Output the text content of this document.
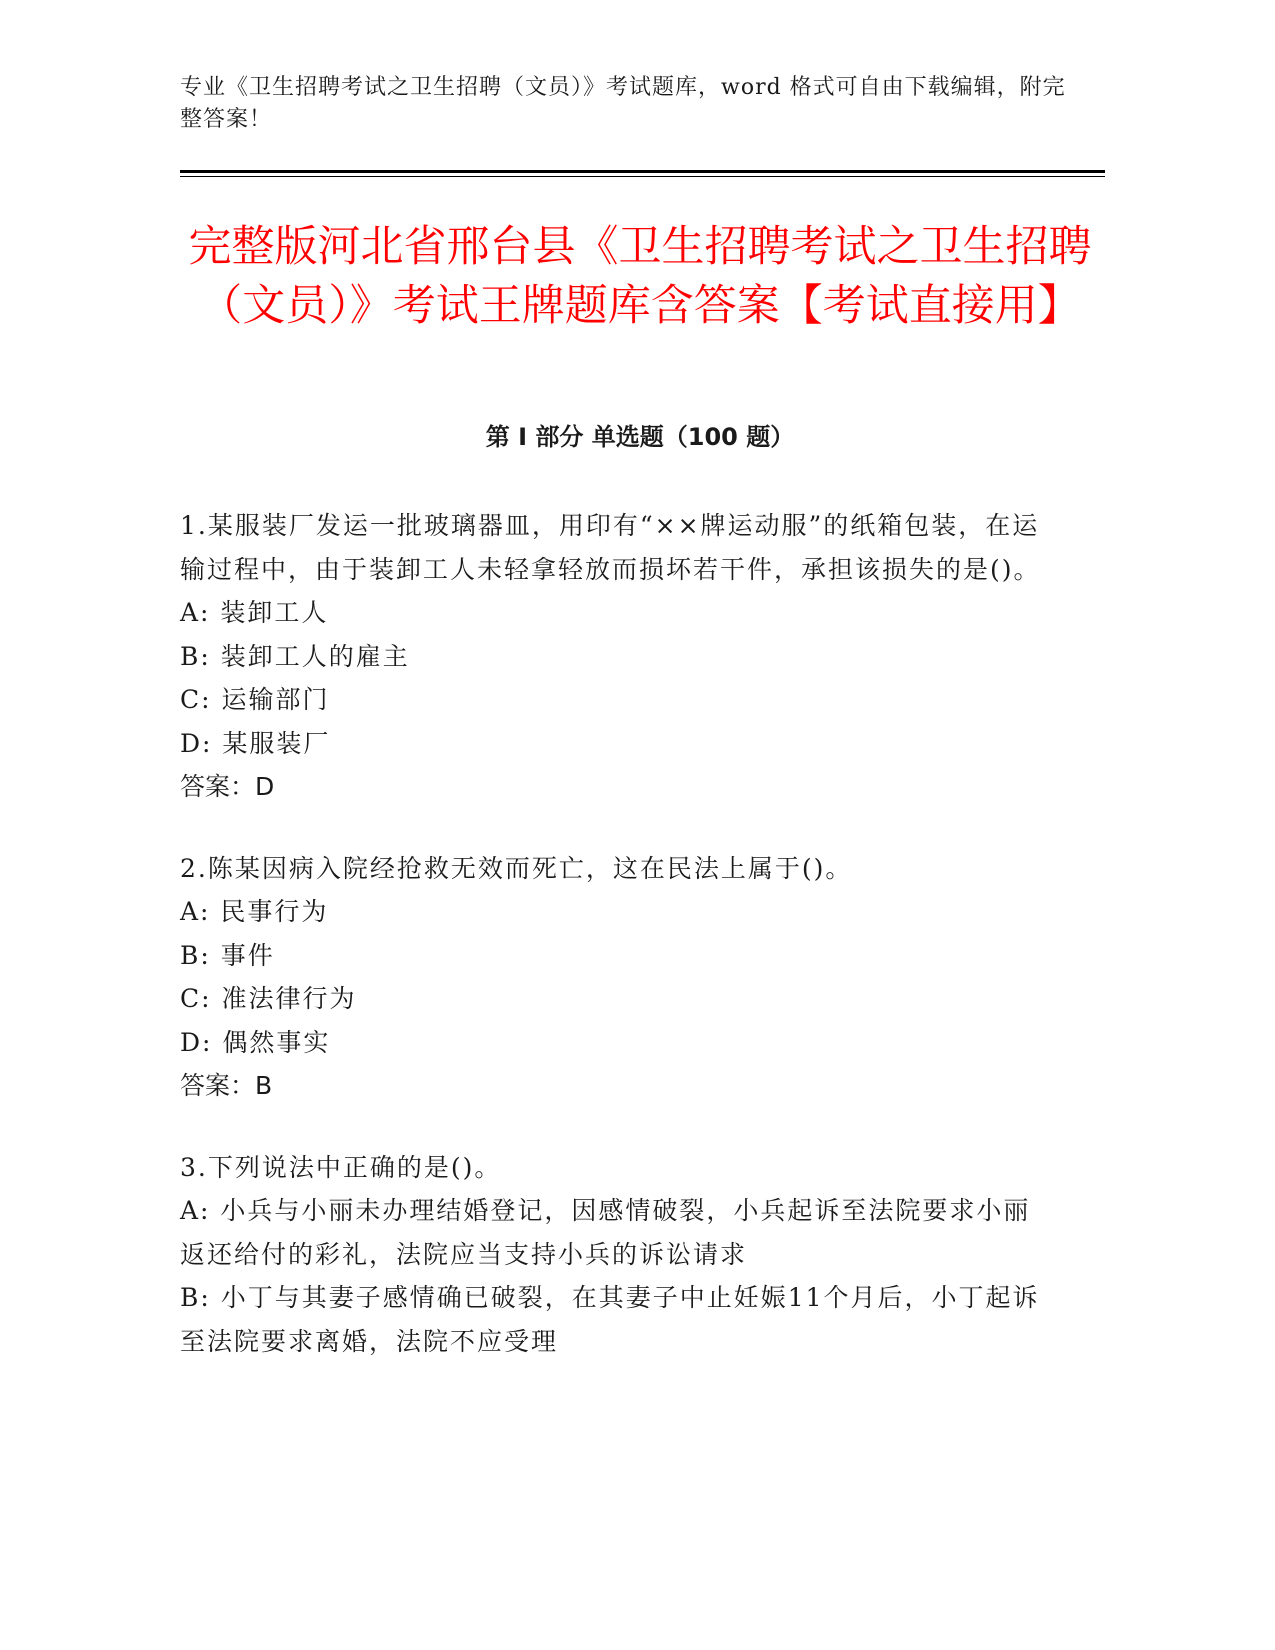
专业《卫生招聘考试之卫生招聘（文员）》考试题库，word 格式可自由下载编辑，附完整答案！
完整版河北省邢台县《卫生招聘考试之卫生招聘（文员）》考试王牌题库含答案【考试直接用】
第 I 部分 单选题（100 题）
1.某服装厂发运一批玻璃器皿，用印有“××牌运动服”的纸箱包装，在运输过程中，由于装卸工人未轻拿轻放而损坏若干件，承担该损失的是()。
A: 装卸工人
B: 装卸工人的雇主
C: 运输部门
D: 某服装厂
答案：D
2.陈某因病入院经抢救无效而死亡，这在民法上属于()。
A: 民事行为
B: 事件
C: 准法律行为
D: 偶然事实
答案：B
3.下列说法中正确的是()。
A: 小兵与小丽未办理结婚登记，因感情破裂，小兵起诉至法院要求小丽返还给付的彩礼，法院应当支持小兵的诉讼请求
B: 小丁与其妻子感情确已破裂，在其妻子中止妊娠11个月后，小丁起诉至法院要求离婚，法院不应受理
